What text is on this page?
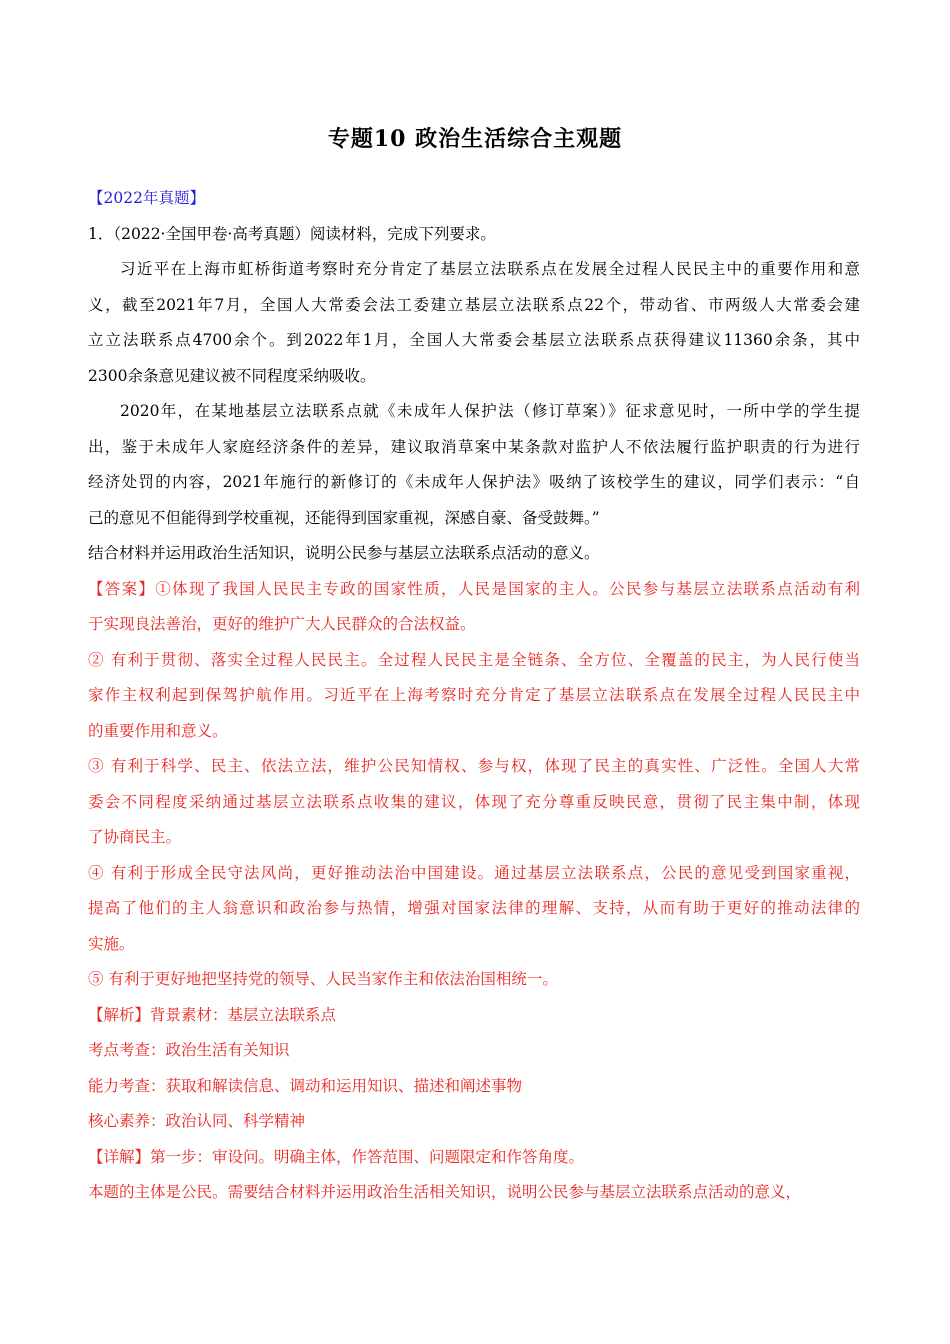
专题10 政治生活综合主观题
【2022年真题】
1．（2022·全国甲卷·高考真题）阅读材料，完成下列要求。
习近平在上海市虹桥街道考察时充分肯定了基层立法联系点在发展全过程人民民主中的重要作用和意
义，截至2021年7月，全国人大常委会法工委建立基层立法联系点22个，带动省、市两级人大常委会建
立立法联系点4700余个。到2022年1月，全国人大常委会基层立法联系点获得建议11360余条，其中
2300余条意见建议被不同程度采纳吸收。
2020年，在某地基层立法联系点就《未成年人保护法（修订草案）》征求意见时，一所中学的学生提
出，鉴于未成年人家庭经济条件的差异，建议取消草案中某条款对监护人不依法履行监护职责的行为进行
经济处罚的内容，2021年施行的新修订的《未成年人保护法》吸纳了该校学生的建议，同学们表示：“自
己的意见不但能得到学校重视，还能得到国家重视，深感自豪、备受鼓舞。”
结合材料并运用政治生活知识，说明公民参与基层立法联系点活动的意义。
【答案】①体现了我国人民民主专政的国家性质，人民是国家的主人。公民参与基层立法联系点活动有利
于实现良法善治，更好的维护广大人民群众的合法权益。
② 有利于贯彻、落实全过程人民民主。全过程人民民主是全链条、全方位、全覆盖的民主，为人民行使当
家作主权利起到保驾护航作用。习近平在上海考察时充分肯定了基层立法联系点在发展全过程人民民主中
的重要作用和意义。
③ 有利于科学、民主、依法立法，维护公民知情权、参与权，体现了民主的真实性、广泛性。全国人大常
委会不同程度采纳通过基层立法联系点收集的建议，体现了充分尊重反映民意，贯彻了民主集中制，体现
了协商民主。
④ 有利于形成全民守法风尚，更好推动法治中国建设。通过基层立法联系点，公民的意见受到国家重视，
提高了他们的主人翁意识和政治参与热情，增强对国家法律的理解、支持，从而有助于更好的推动法律的
实施。
⑤ 有利于更好地把坚持党的领导、人民当家作主和依法治国相统一。
【解析】背景素材：基层立法联系点
考点考查：政治生活有关知识
能力考查：获取和解读信息、调动和运用知识、描述和阐述事物
核心素养：政治认同、科学精神
【详解】第一步：审设问。明确主体，作答范围、问题限定和作答角度。
本题的主体是公民。需要结合材料并运用政治生活相关知识，说明公民参与基层立法联系点活动的意义，
